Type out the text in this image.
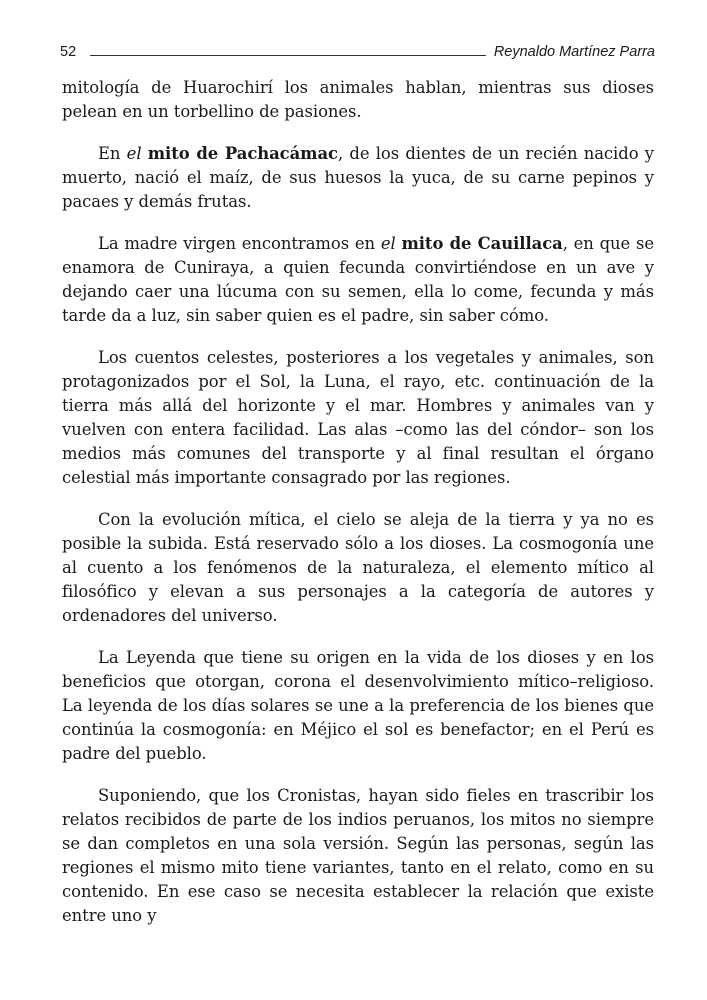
52	Reynaldo Martínez Parra

mitología de Huarochirí los animales hablan, mientras sus dioses pelean en un torbellino de pasiones.

En el mito de Pachacámac, de los dientes de un recién nacido y muerto, nació el maíz, de sus huesos la yuca, de su carne pepinos y pacaes y demás frutas.

La madre virgen encontramos en el mito de Cauillaca, en que se enamora de Cuniraya, a quien fecunda convirtiéndose en un ave y dejando caer una lúcuma con su semen, ella lo come, fecunda y más tarde da a luz, sin saber quien es el padre, sin saber cómo.

Los cuentos celestes, posteriores a los vegetales y animales, son protagonizados por el Sol, la Luna, el rayo, etc. continuación de la tierra más allá del horizonte y el mar. Hombres y animales van y vuelven con entera facilidad. Las alas –como las del cóndor– son los medios más comunes del transporte y al final resultan el órgano celestial más importante consagrado por las regiones.

Con la evolución mítica, el cielo se aleja de la tierra y ya no es posible la subida. Está reservado sólo a los dioses. La cosmogonía une al cuento a los fenómenos de la naturaleza, el elemento mítico al filosófico y elevan a sus personajes a la categoría de autores y ordenadores del universo.

La Leyenda que tiene su origen en la vida de los dioses y en los beneficios que otorgan, corona el desenvolvimiento mítico–religioso. La leyenda de los días solares se une a la preferencia de los bienes que continúa la cosmogonía: en Méjico el sol es benefactor; en el Perú es padre del pueblo.

Suponiendo, que los Cronistas, hayan sido fieles en trascribir los relatos recibidos de parte de los indios peruanos, los mitos no siempre se dan completos en una sola versión. Según las personas, según las regiones el mismo mito tiene variantes, tanto en el relato, como en su contenido. En ese caso se necesita establecer la relación que existe entre uno y
